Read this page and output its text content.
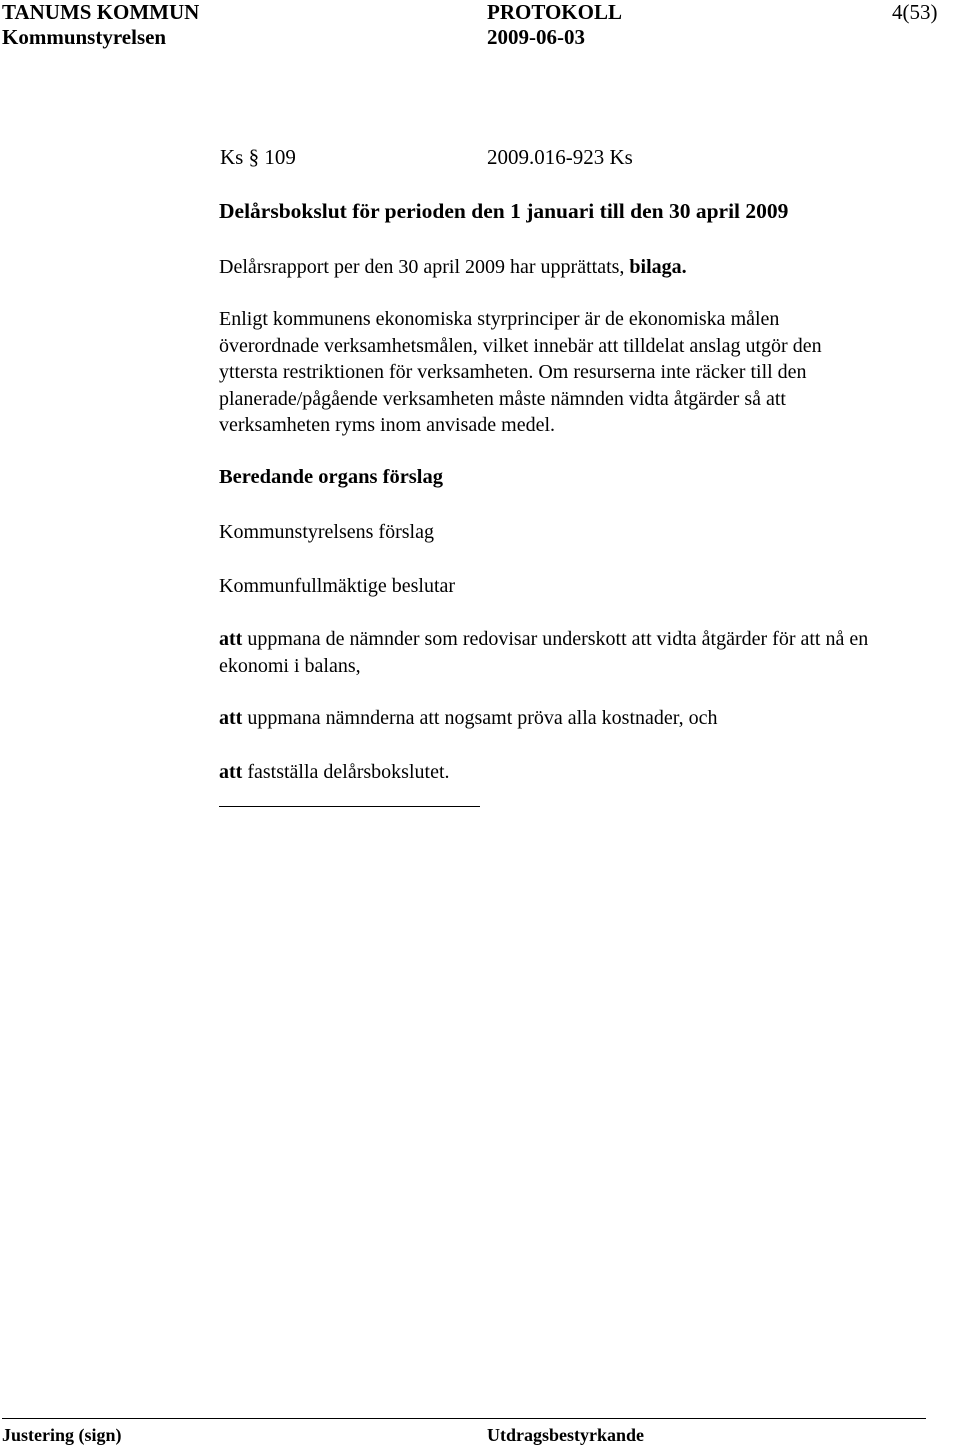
TANUMS KOMMUN	PROTOKOLL	4(53)
Kommunstyrelsen	2009-06-03
Ks § 109	2009.016-923 Ks
Delårsbokslut för perioden den 1 januari till den 30 april 2009
Delårsrapport per den 30 april 2009 har upprättats, bilaga.
Enligt kommunens ekonomiska styrprinciper är de ekonomiska målen
överordnade verksamhetsmålen, vilket innebär att tilldelat anslag utgör den
yttersta restriktionen för verksamheten. Om resurserna inte räcker till den
planerade/pågående verksamheten måste nämnden vidta åtgärder så att
verksamheten ryms inom anvisade medel.
Beredande organs förslag
Kommunstyrelsens förslag
Kommunfullmäktige beslutar
att uppmana de nämnder som redovisar underskott att vidta åtgärder för att nå en
ekonomi i balans,
att uppmana nämnderna att nogsamt pröva alla kostnader, och
att fastställa delårsbokslutet.
Justering (sign)	Utdragsbestyrkande
